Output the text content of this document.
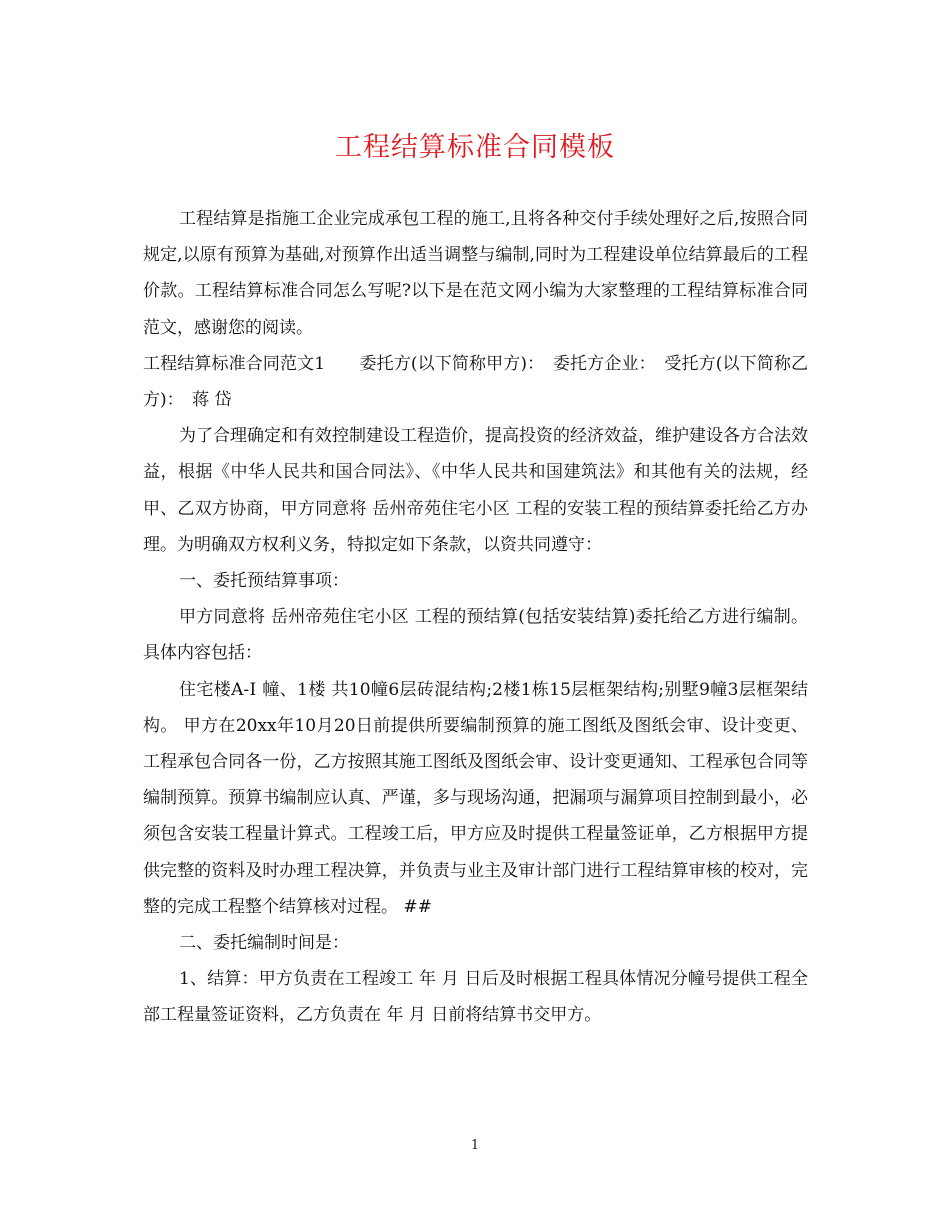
工程结算标准合同模板

工程结算是指施工企业完成承包工程的施工,且将各种交付手续处理好之后,按照合同规定,以原有预算为基础,对预算作出适当调整与编制,同时为工程建设单位结算最后的工程价款。工程结算标准合同怎么写呢?以下是在范文网小编为大家整理的工程结算标准合同范文，感谢您的阅读。

工程结算标准合同范文1　　委托方(以下简称甲方)：　委托方企业：　受托方(以下简称乙方)：　蒋 岱

为了合理确定和有效控制建设工程造价，提高投资的经济效益，维护建设各方合法效益，根据《中华人民共和国合同法》、《中华人民共和国建筑法》和其他有关的法规，经甲、乙双方协商，甲方同意将 岳州帝苑住宅小区 工程的安装工程的预结算委托给乙方办理。为明确双方权利义务，特拟定如下条款，以资共同遵守：

一、委托预结算事项：

甲方同意将 岳州帝苑住宅小区 工程的预结算(包括安装结算)委托给乙方进行编制。具体内容包括：

住宅楼A-Ⅰ 幢、1楼 共10幢6层砖混结构;2楼1栋15层框架结构;别墅9幢3层框架结构。 甲方在20xx年10月20日前提供所要编制预算的施工图纸及图纸会审、设计变更、工程承包合同各一份，乙方按照其施工图纸及图纸会审、设计变更通知、工程承包合同等编制预算。预算书编制应认真、严谨，多与现场沟通，把漏项与漏算项目控制到最小，必须包含安装工程量计算式。工程竣工后，甲方应及时提供工程量签证单，乙方根据甲方提供完整的资料及时办理工程决算，并负责与业主及审计部门进行工程结算审核的校对，完整的完成工程整个结算核对过程。 ##

二、委托编制时间是：

1、结算：甲方负责在工程竣工 年 月 日后及时根据工程具体情况分幢号提供工程全部工程量签证资料，乙方负责在 年 月 日前将结算书交甲方。

1
